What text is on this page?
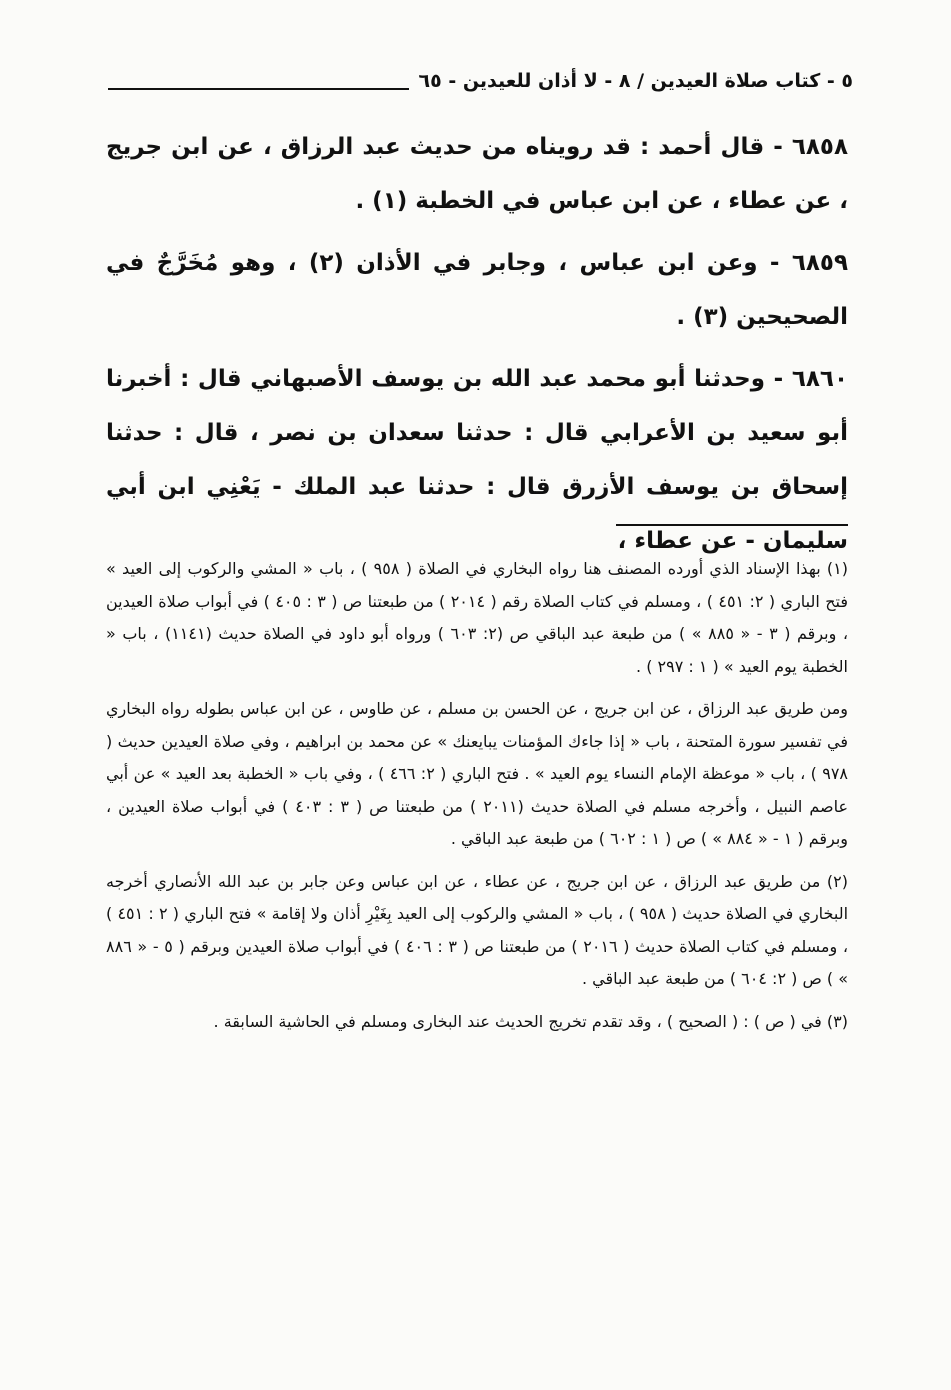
٥ - كتاب صلاة العيدين / ٨ - لا أذان للعيدين - ٦٥

٦٨٥٨ - قال أحمد : قد رويناه من حديث عبد الرزاق ، عن ابن جريج ، عن عطاء ، عن ابن عباس في الخطبة (١) .

٦٨٥٩ - وعن ابن عباس ، وجابر في الأذان (٢) ، وهو مُخَرَّجٌ في الصحيحين (٣) .

٦٨٦٠ - وحدثنا أبو محمد عبد الله بن يوسف الأصبهاني قال : أخبرنا أبو سعيد بن الأعرابي قال : حدثنا سعدان بن نصر ، قال : حدثنا إسحاق بن يوسف الأزرق قال : حدثنا عبد الملك - يَعْنِي ابن أبي سليمان - عن عطاء ،

(١) بهذا الإسناد الذي أورده المصنف هنا رواه البخاري في الصلاة ( ٩٥٨ ) ، باب « المشي والركوب إلى العيد » فتح الباري ( ٢: ٤٥١ ) ، ومسلم في كتاب الصلاة رقم ( ٢٠١٤ ) من طبعتنا ص ( ٣ : ٤٠٥ ) في أبواب صلاة العيدين ، وبرقم ( ٣ - « ٨٨٥ » ) من طبعة عبد الباقي ص (٢: ٦٠٣ ) ورواه أبو داود في الصلاة حديث (١١٤١) ، باب « الخطبة يوم العيد » ( ١ : ٢٩٧ ) .

ومن طريق عبد الرزاق ، عن ابن جريج ، عن الحسن بن مسلم ، عن طاوس ، عن ابن عباس بطوله رواه البخاري في تفسير سورة المتحنة ، باب « إذا جاءك المؤمنات يبايعنك » عن محمد بن ابراهيم ، وفي صلاة العيدين حديث ( ٩٧٨ ) ، باب « موعظة الإمام النساء يوم العيد » . فتح الباري ( ٢: ٤٦٦ ) ، وفي باب « الخطبة بعد العيد » عن أبي عاصم النبيل ، وأخرجه مسلم في الصلاة حديث (٢٠١١ ) من طبعتنا ص ( ٣ : ٤٠٣ ) في أبواب صلاة العيدين ، وبرقم ( ١ - « ٨٨٤ » ) ص ( ١ : ٦٠٢ ) من طبعة عبد الباقي .

(٢) من طريق عبد الرزاق ، عن ابن جريج ، عن عطاء ، عن ابن عباس وعن جابر بن عبد الله الأنصاري أخرجه البخاري في الصلاة حديث ( ٩٥٨ ) ، باب « المشي والركوب إلى العيد بِغَيْرِ أذان ولا إقامة » فتح الباري ( ٢ : ٤٥١ ) ، ومسلم في كتاب الصلاة حديث ( ٢٠١٦ ) من طبعتنا ص ( ٣ : ٤٠٦ ) في أبواب صلاة العيدين وبرقم ( ٥ - « ٨٨٦ » ) ص ( ٢: ٦٠٤ ) من طبعة عبد الباقي .

(٣) في ( ص ) : ( الصحيح ) ، وقد تقدم تخريج الحديث عند البخارى ومسلم في الحاشية السابقة .
